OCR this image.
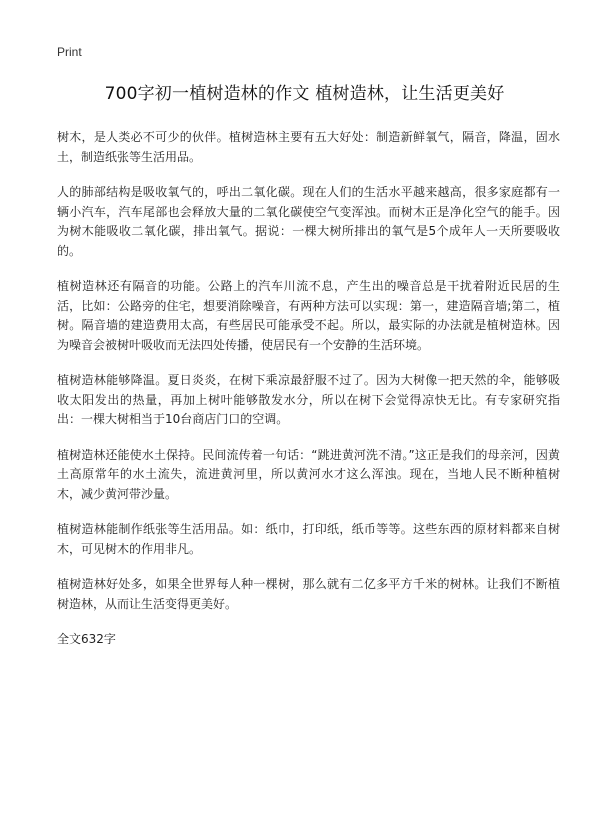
Print

700字初一植树造林的作文 植树造林，让生活更美好

树木，是人类必不可少的伙伴。植树造林主要有五大好处：制造新鲜氧气，隔音，降温，固水土，制造纸张等生活用品。

人的肺部结构是吸收氧气的，呼出二氧化碳。现在人们的生活水平越来越高，很多家庭都有一辆小汽车，汽车尾部也会释放大量的二氧化碳使空气变浑浊。而树木正是净化空气的能手。因为树木能吸收二氧化碳，排出氧气。据说：一棵大树所排出的氧气是5个成年人一天所要吸收的。

植树造林还有隔音的功能。公路上的汽车川流不息，产生出的噪音总是干扰着附近民居的生活，比如：公路旁的住宅，想要消除噪音，有两种方法可以实现：第一，建造隔音墙;第二，植树。隔音墙的建造费用太高，有些居民可能承受不起。所以，最实际的办法就是植树造林。因为噪音会被树叶吸收而无法四处传播，使居民有一个安静的生活环境。

植树造林能够降温。夏日炎炎，在树下乘凉最舒服不过了。因为大树像一把天然的伞，能够吸收太阳发出的热量，再加上树叶能够散发水分，所以在树下会觉得凉快无比。有专家研究指出：一棵大树相当于10台商店门口的空调。

植树造林还能使水土保持。民间流传着一句话：“跳进黄河洗不清。”这正是我们的母亲河，因黄土高原常年的水土流失，流进黄河里，所以黄河水才这么浑浊。现在，当地人民不断种植树木，减少黄河带沙量。

植树造林能制作纸张等生活用品。如：纸巾，打印纸，纸币等等。这些东西的原材料都来自树木，可见树木的作用非凡。

植树造林好处多，如果全世界每人种一棵树，那么就有二亿多平方千米的树林。让我们不断植树造林，从而让生活变得更美好。

全文632字
